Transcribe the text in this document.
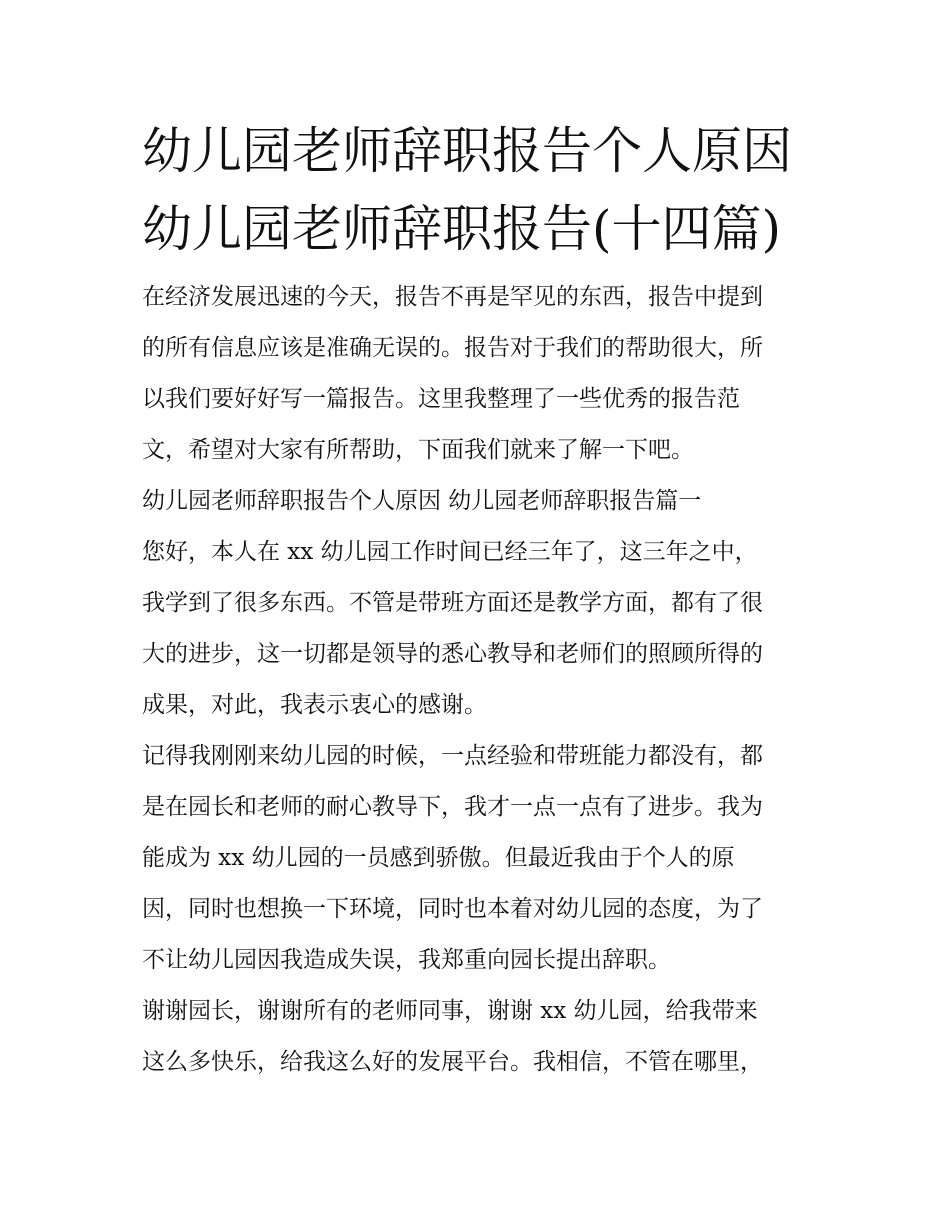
幼儿园老师辞职报告个人原因
幼儿园老师辞职报告(十四篇)
在经济发展迅速的今天，报告不再是罕见的东西，报告中提到
的所有信息应该是准确无误的。报告对于我们的帮助很大，所
以我们要好好写一篇报告。这里我整理了一些优秀的报告范
文，希望对大家有所帮助，下面我们就来了解一下吧。
幼儿园老师辞职报告个人原因 幼儿园老师辞职报告篇一
您好，本人在 xx 幼儿园工作时间已经三年了，这三年之中，
我学到了很多东西。不管是带班方面还是教学方面，都有了很
大的进步，这一切都是领导的悉心教导和老师们的照顾所得的
成果，对此，我表示衷心的感谢。
记得我刚刚来幼儿园的时候，一点经验和带班能力都没有，都
是在园长和老师的耐心教导下，我才一点一点有了进步。我为
能成为 xx 幼儿园的一员感到骄傲。但最近我由于个人的原
因，同时也想换一下环境，同时也本着对幼儿园的态度，为了
不让幼儿园因我造成失误，我郑重向园长提出辞职。
谢谢园长，谢谢所有的老师同事，谢谢 xx 幼儿园，给我带来
这么多快乐，给我这么好的发展平台。我相信，不管在哪里，
